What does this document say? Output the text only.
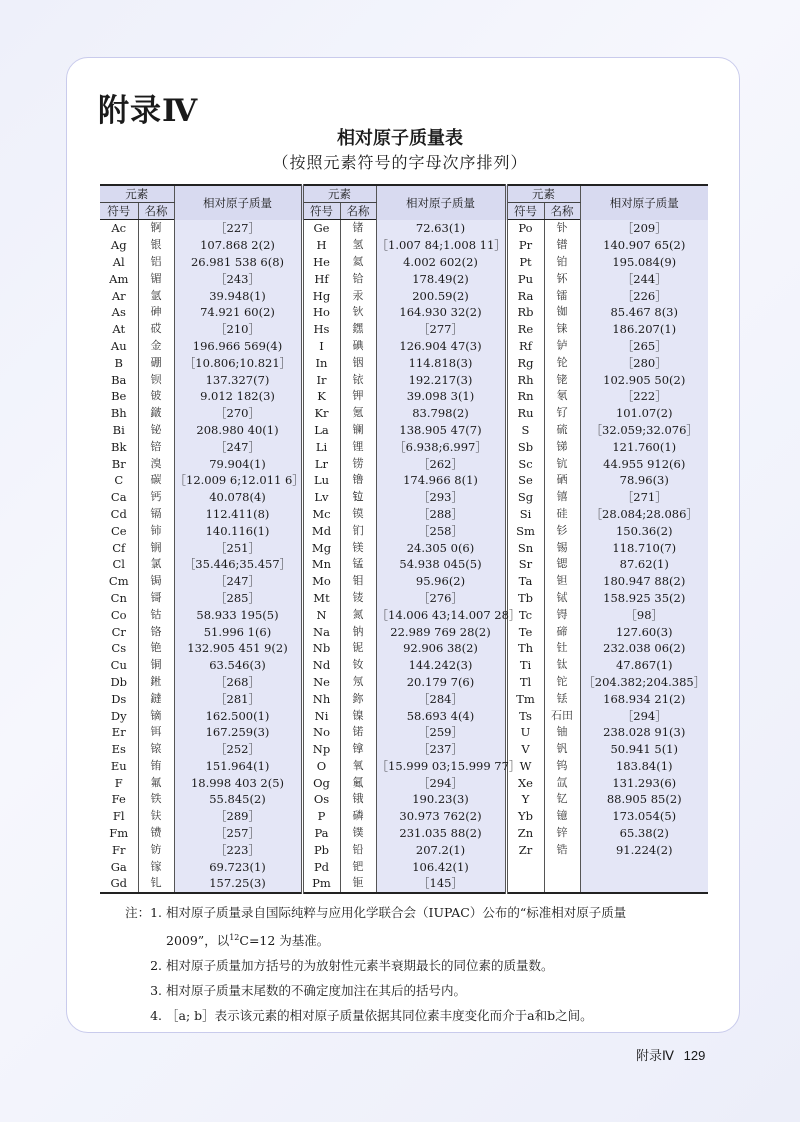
附录Ⅳ
相对原子质量表
（按照元素符号的字母次序排列）
元素		相对原子质量	元素		相对原子质量	元素		相对原子质量
符号	名称		符号	名称		符号	名称	
Ac	锕	［227］	Ge	锗	72.63(1)	Po	钋	［209］
Ag	银	107.868 2(2)	H	氢	［1.007 84;1.008 11］	Pr	镨	140.907 65(2)
Al	铝	26.981 538 6(8)	He	氦	4.002 602(2)	Pt	铂	195.084(9)
Am	镅	［243］	Hf	铪	178.49(2)	Pu	钚	［244］
Ar	氩	39.948(1)	Hg	汞	200.59(2)	Ra	镭	［226］
As	砷	74.921 60(2)	Ho	钬	164.930 32(2)	Rb	铷	85.467 8(3)
At	砹	［210］	Hs	𨭆	［277］	Re	铼	186.207(1)
Au	金	196.966 569(4)	I	碘	126.904 47(3)	Rf	𬬻	［265］
B	硼	［10.806;10.821］	In	铟	114.818(3)	Rg	𬬭	［280］
Ba	钡	137.327(7)	Ir	铱	192.217(3)	Rh	铑	102.905 50(2)
Be	铍	9.012 182(3)	K	钾	39.098 3(1)	Rn	氡	［222］
Bh	𨨏	［270］	Kr	氪	83.798(2)	Ru	钌	101.07(2)
Bi	铋	208.980 40(1)	La	镧	138.905 47(7)	S	硫	［32.059;32.076］
Bk	锫	［247］	Li	锂	［6.938;6.997］	Sb	锑	121.760(1)
Br	溴	79.904(1)	Lr	铹	［262］	Sc	钪	44.955 912(6)
C	碳	［12.009 6;12.011 6］	Lu	镥	174.966 8(1)	Se	硒	78.96(3)
Ca	钙	40.078(4)	Lv	𫟷	［293］	Sg	𬭳	［271］
Cd	镉	112.411(8)	Mc	镆	［288］	Si	硅	［28.084;28.086］
Ce	铈	140.116(1)	Md	钔	［258］	Sm	钐	150.36(2)
Cf	锎	［251］	Mg	镁	24.305 0(6)	Sn	锡	118.710(7)
Cl	氯	［35.446;35.457］	Mn	锰	54.938 045(5)	Sr	锶	87.62(1)
Cm	锔	［247］	Mo	钼	95.96(2)	Ta	钽	180.947 88(2)
Cn	鿔	［285］	Mt	鿏	［276］	Tb	铽	158.925 35(2)
Co	钴	58.933 195(5)	N	氮	［14.006 43;14.007 28］	Tc	锝	［98］
Cr	铬	51.996 1(6)	Na	钠	22.989 769 28(2)	Te	碲	127.60(3)
Cs	铯	132.905 451 9(2)	Nb	铌	92.906 38(2)	Th	钍	232.038 06(2)
Cu	铜	63.546(3)	Nd	钕	144.242(3)	Ti	钛	47.867(1)
Db	𨧀	［268］	Ne	氖	20.179 7(6)	Tl	铊	［204.382;204.385］
Ds	鐽	［281］	Nh	鉨	［284］	Tm	铥	168.934 21(2)
Dy	镝	162.500(1)	Ni	镍	58.693 4(4)	Ts	石田	［294］
Er	铒	167.259(3)	No	锘	［259］	U	铀	238.028 91(3)
Es	锿	［252］	Np	镎	［237］	V	钒	50.941 5(1)
Eu	铕	151.964(1)	O	氧	［15.999 03;15.999 77］	W	钨	183.84(1)
F	氟	18.998 403 2(5)	Og	鿫	［294］	Xe	氙	131.293(6)
Fe	铁	55.845(2)	Os	锇	190.23(3)	Y	钇	88.905 85(2)
Fl	𫓧	［289］	P	磷	30.973 762(2)	Yb	镱	173.054(5)
Fm	镄	［257］	Pa	镤	231.035 88(2)	Zn	锌	65.38(2)
Fr	钫	［223］	Pb	铅	207.2(1)	Zr	锆	91.224(2)
Ga	镓	69.723(1)	Pd	钯	106.42(1)			
Gd	钆	157.25(3)	Pm	钷	［145］			
注：1. 相对原子质量录自国际纯粹与应用化学联合会（IUPAC）公布的“标准相对原子质量
2009”，以$^{12}$C=12 为基准。
2. 相对原子质量加方括号的为放射性元素半衰期最长的同位素的质量数。
3. 相对原子质量末尾数的不确定度加注在其后的括号内。
4. ［a; b］表示该元素的相对原子质量依据其同位素丰度变化而介于a和b之间。
附录Ⅳ 129
